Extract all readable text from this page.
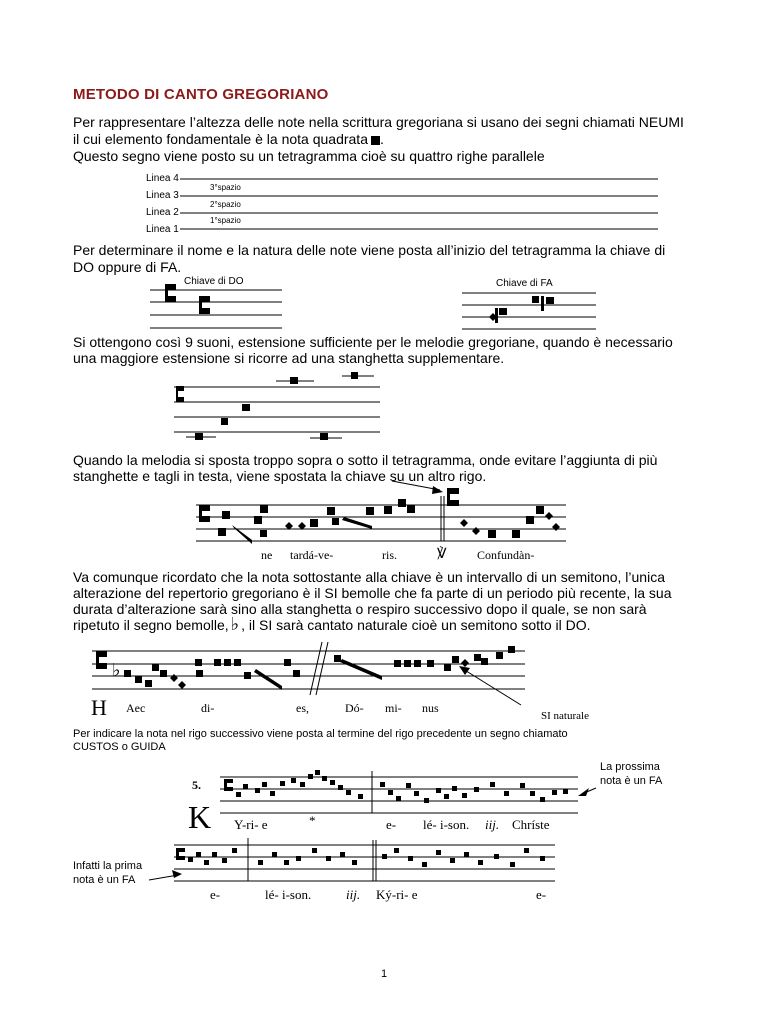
METODO DI CANTO GREGORIANO
Per rappresentare l’altezza delle note nella scrittura gregoriana si usano dei segni chiamati NEUMI
il cui elemento fondamentale è la nota quadrata .
Questo segno viene posto su un tetragramma cioè su quattro righe parallele
Linea 4
Linea 3
Linea 2
Linea 1
3°spazio
2°spazio
1°spazio
Per determinare il nome e la natura delle note viene posta all’inizio del tetragramma la chiave di
DO oppure di FA.
Chiave di DO	Chiave di FA
Si ottengono così 9 suoni, estensione sufficiente per le melodie gregoriane, quando è necessario
una maggiore estensione si ricorre ad una stanghetta supplementare.
Quando la melodia si sposta troppo sopra o sotto il tetragramma, onde evitare l’aggiunta di più
stanghette e tagli in testa, viene spostata la chiave su un altro rigo.
ne tardá-ve-	ris.	℣	Confundàn-
Va comunque ricordato che la nota sottostante alla chiave è un intervallo di un semitono, l’unica
alterazione del repertorio gregoriano è il SI bemolle che fa parte di un periodo più recente, la sua
durata d’alterazione sarà sino alla stanghetta o respiro successivo dopo il quale, se non sarà
ripetuto il segno bemolle, ♭ , il SI sarà cantato naturale cioè un semitono sotto il DO.
♭
H Aec	di-	es,	Dó- mi- nus
SI naturale
Per indicare la nota nel rigo successivo viene posta al termine del rigo precedente un segno chiamato
CUSTOS o GUIDA
La prossima
nota è un FA
Infatti la prima
nota è un FA
5.
K Y-ri- e	*	e- lé- i-son. iij. Chríste
e-	lé- i-son.	iij. Ký-ri- e	e-
1
